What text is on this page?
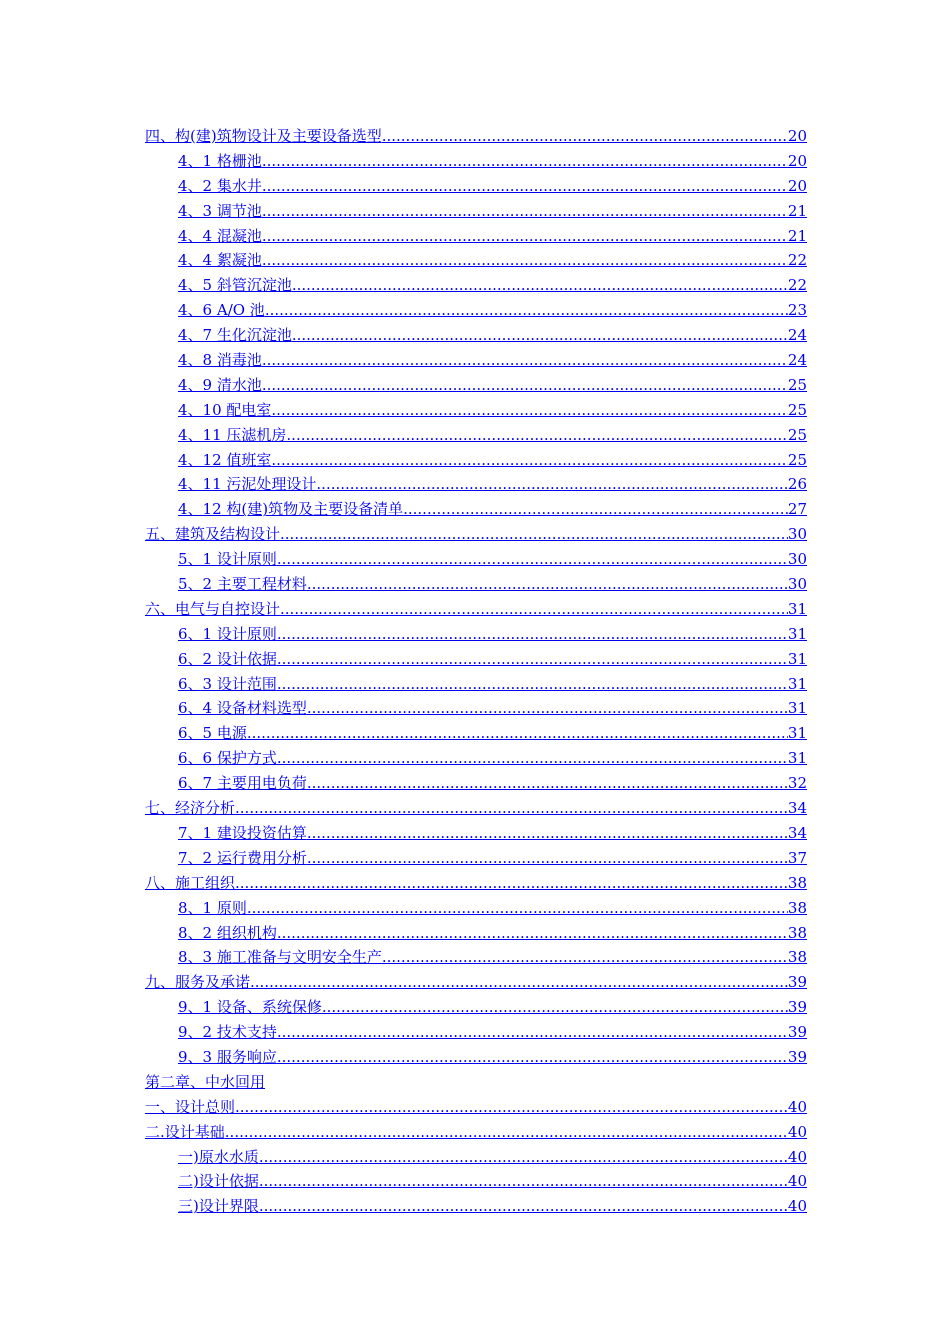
四、构(建)筑物设计及主要设备选型 .....	20
4、1 格栅池 .....	20
4、2 集水井 .....	20
4、3 调节池 .....	21
4、4 混凝池 .....	21
4、4 絮凝池 .....	22
4、5 斜管沉淀池 .....	22
4、6 A/O 池 .....	23
4、7 生化沉淀池 .....	24
4、8 消毒池 .....	24
4、9 清水池 .....	25
4、10 配电室 .....	25
4、11 压滤机房 .....	25
4、12 值班室 .....	25
4、11 污泥处理设计 .....	26
4、12 构(建)筑物及主要设备清单 .....	27
五、建筑及结构设计 .....	30
5、1 设计原则 .....	30
5、2 主要工程材料 .....	30
六、电气与自控设计 .....	31
6、1 设计原则 .....	31
6、2 设计依据 .....	31
6、3 设计范围 .....	31
6、4 设备材料选型 .....	31
6、5 电源 .....	31
6、6 保护方式 .....	31
6、7 主要用电负荷 .....	32
七、经济分析 .....	34
7、1 建设投资估算 .....	34
7、2 运行费用分析 .....	37
八、施工组织 .....	38
8、1 原则 .....	38
8、2 组织机构 .....	38
8、3 施工准备与文明安全生产 .....	38
九、服务及承诺 .....	39
9、1 设备、系统保修 .....	39
9、2 技术支持 .....	39
9、3 服务响应 .....	39
第二章、中水回用
一、设计总则 .....	40
二.设计基础 .....	40
一)原水水质 .....	40
二)设计依据 .....	40
三)设计界限 .....	40
